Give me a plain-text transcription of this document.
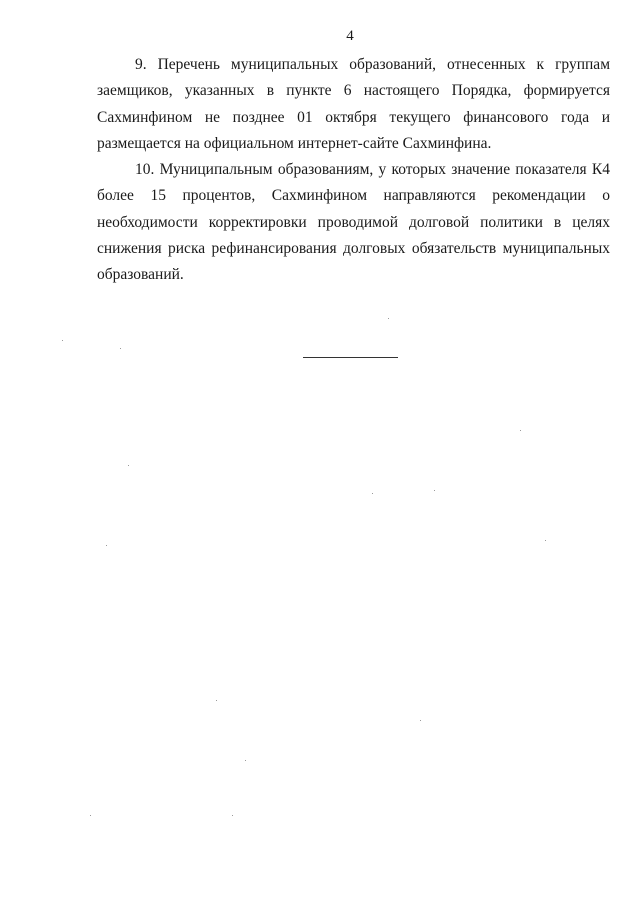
4

9. Перечень муниципальных образований, отнесенных к группам заемщиков, указанных в пункте 6 настоящего Порядка, формируется Сахминфином не позднее 01 октября текущего финансового года и размещается на официальном интернет-сайте Сахминфина.

10. Муниципальным образованиям, у которых значение показателя К4 более 15 процентов, Сахминфином направляются рекомендации о необходимости корректировки проводимой долговой политики в целях снижения риска рефинансирования долговых обязательств муниципальных образований.
